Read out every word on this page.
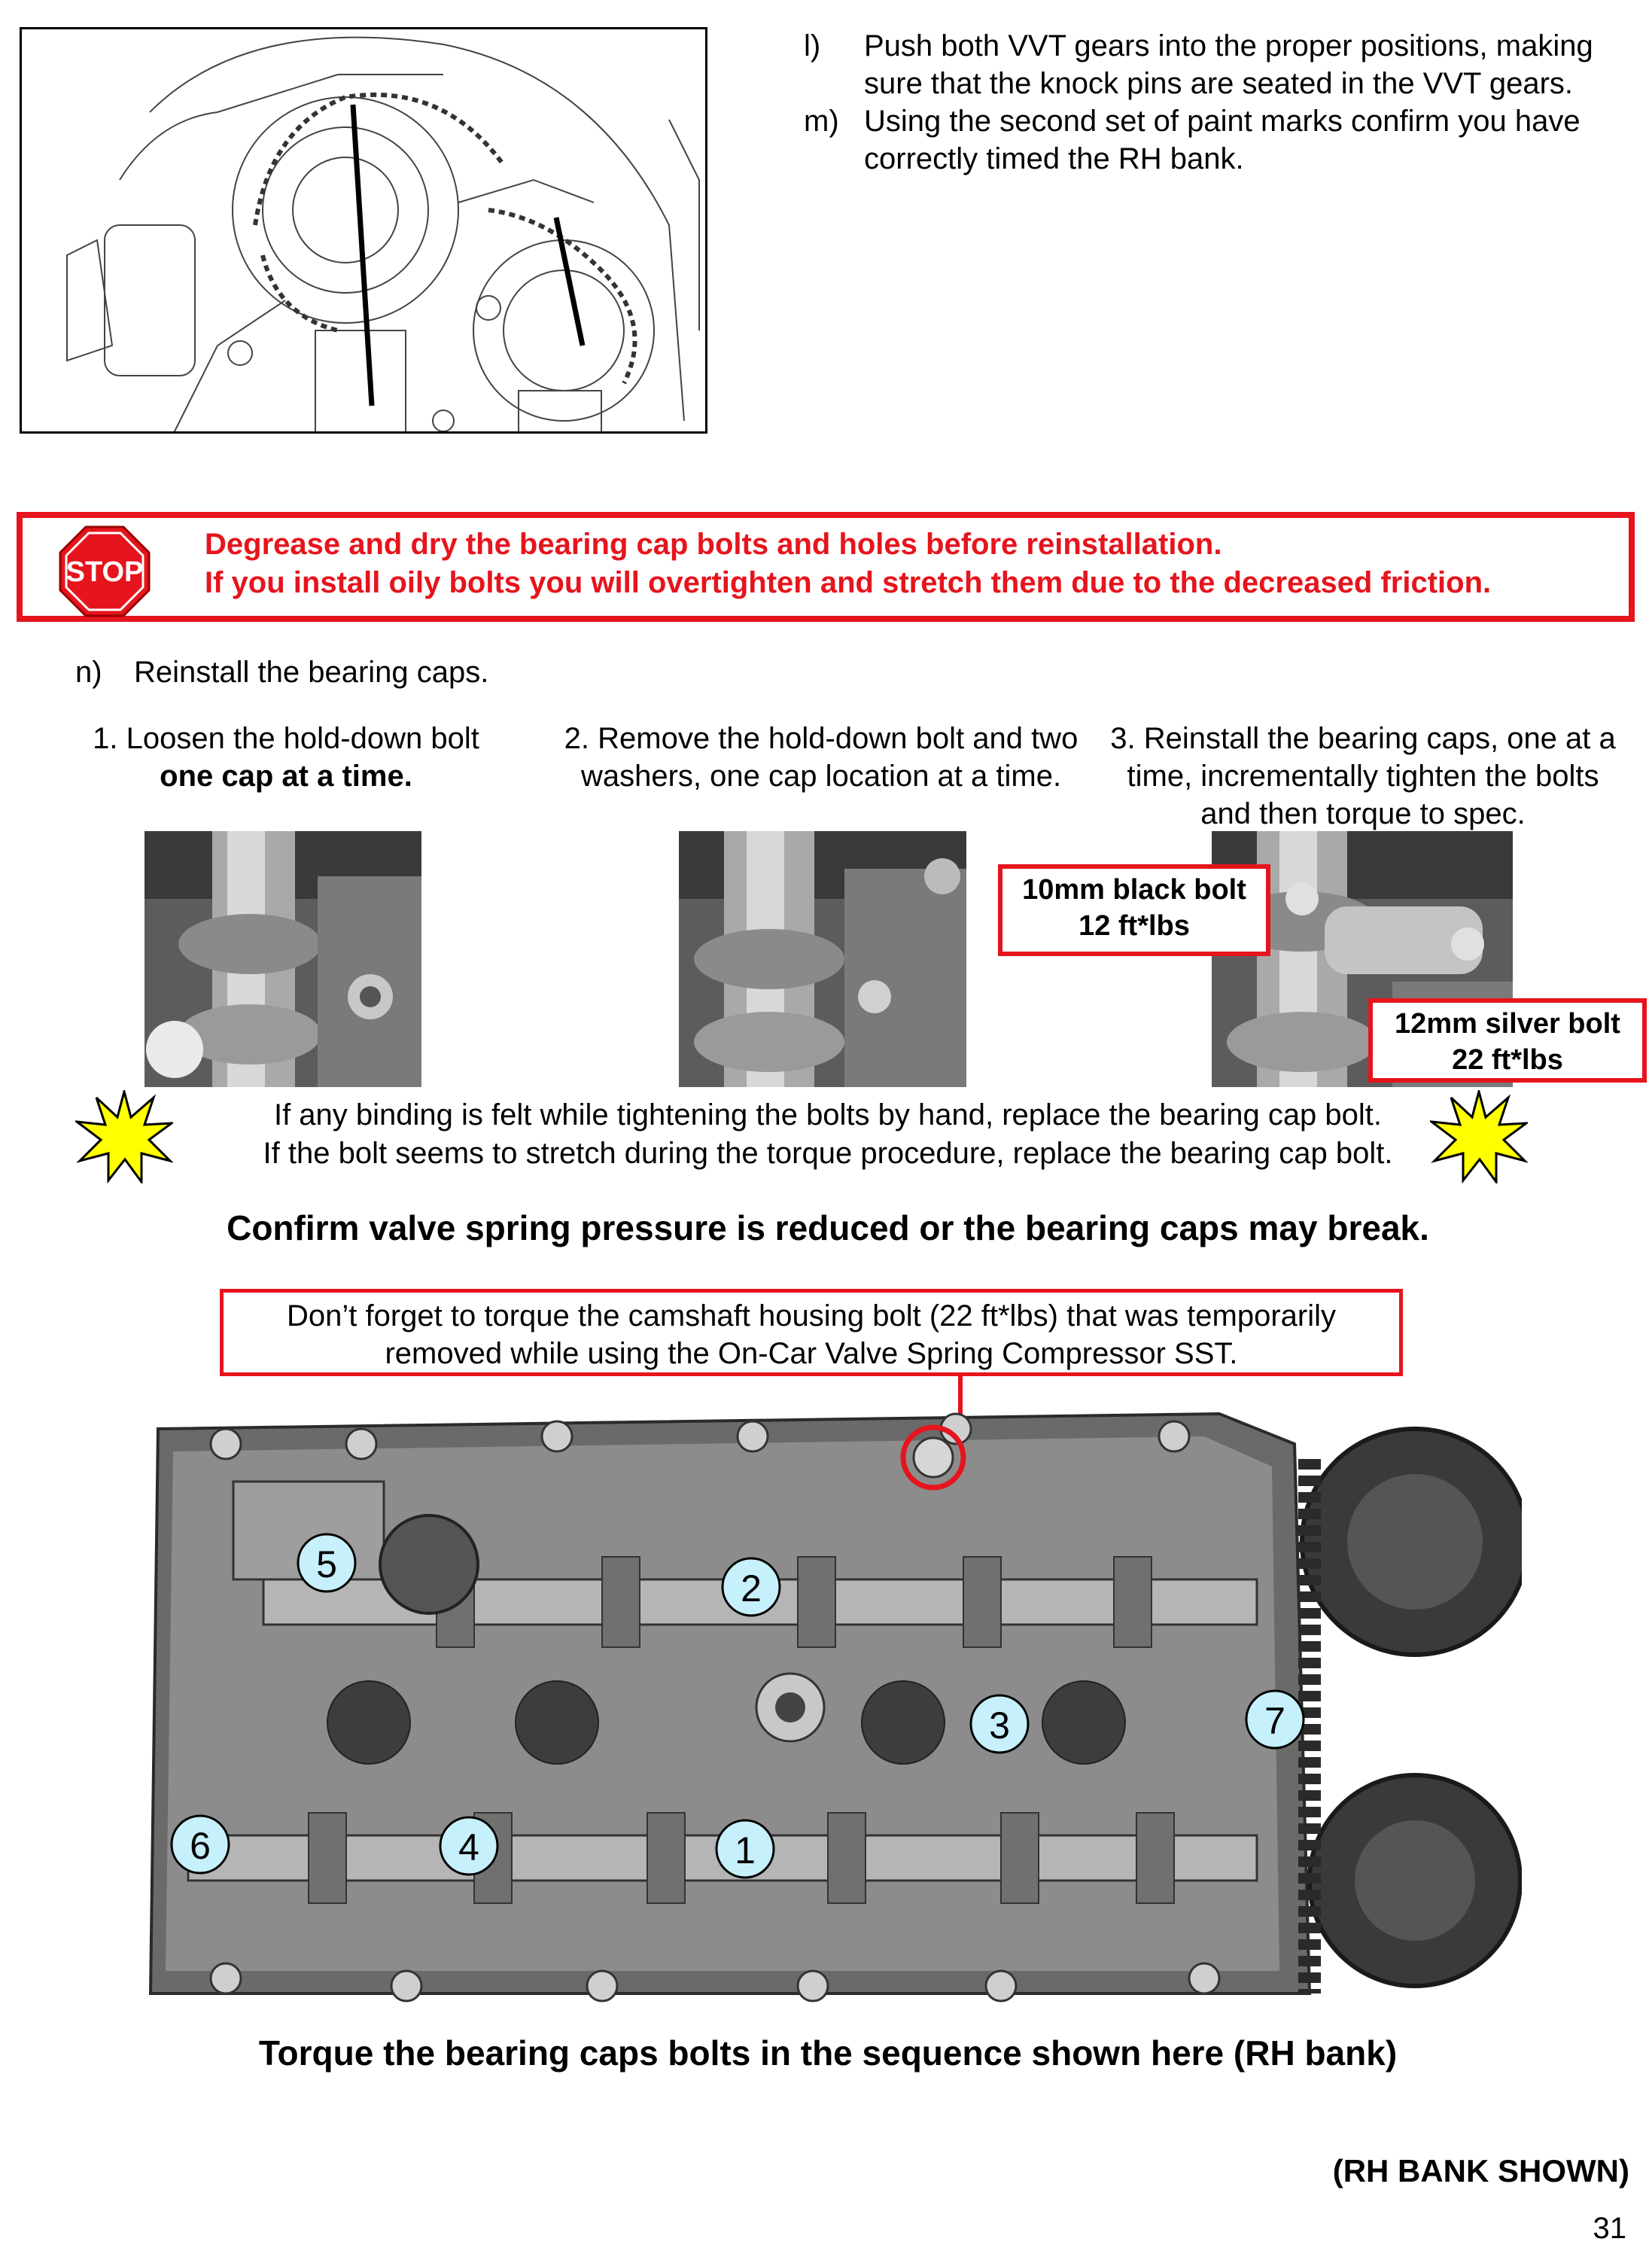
l)	Push both VVT gears into the proper positions, making sure that the knock pins are seated in the VVT gears.
m) Using the second set of paint marks confirm you have correctly timed the RH bank.
STOP
Degrease and dry the bearing cap bolts and holes before reinstallation.
If you install oily bolts you will overtighten and stretch them due to the decreased friction.
n) Reinstall the bearing caps.
1. Loosen the hold-down bolt
one cap at a time.
2. Remove the hold-down bolt and two washers, one cap location at a time.
3. Reinstall the bearing caps, one at a time, incrementally tighten the bolts and then torque to spec.
10mm black bolt
12 ft*lbs
12mm silver bolt
22 ft*lbs
If any binding is felt while tightening the bolts by hand, replace the bearing cap bolt.
If the bolt seems to stretch during the torque procedure, replace the bearing cap bolt.
Confirm valve spring pressure is reduced or the bearing caps may break.
Don’t forget to torque the camshaft housing bolt (22 ft*lbs) that was temporarily
removed while using the On-Car Valve Spring Compressor SST.
1
2
3
4
5
6
7
Torque the bearing caps bolts in the sequence shown here (RH bank)
(RH BANK SHOWN)
31
